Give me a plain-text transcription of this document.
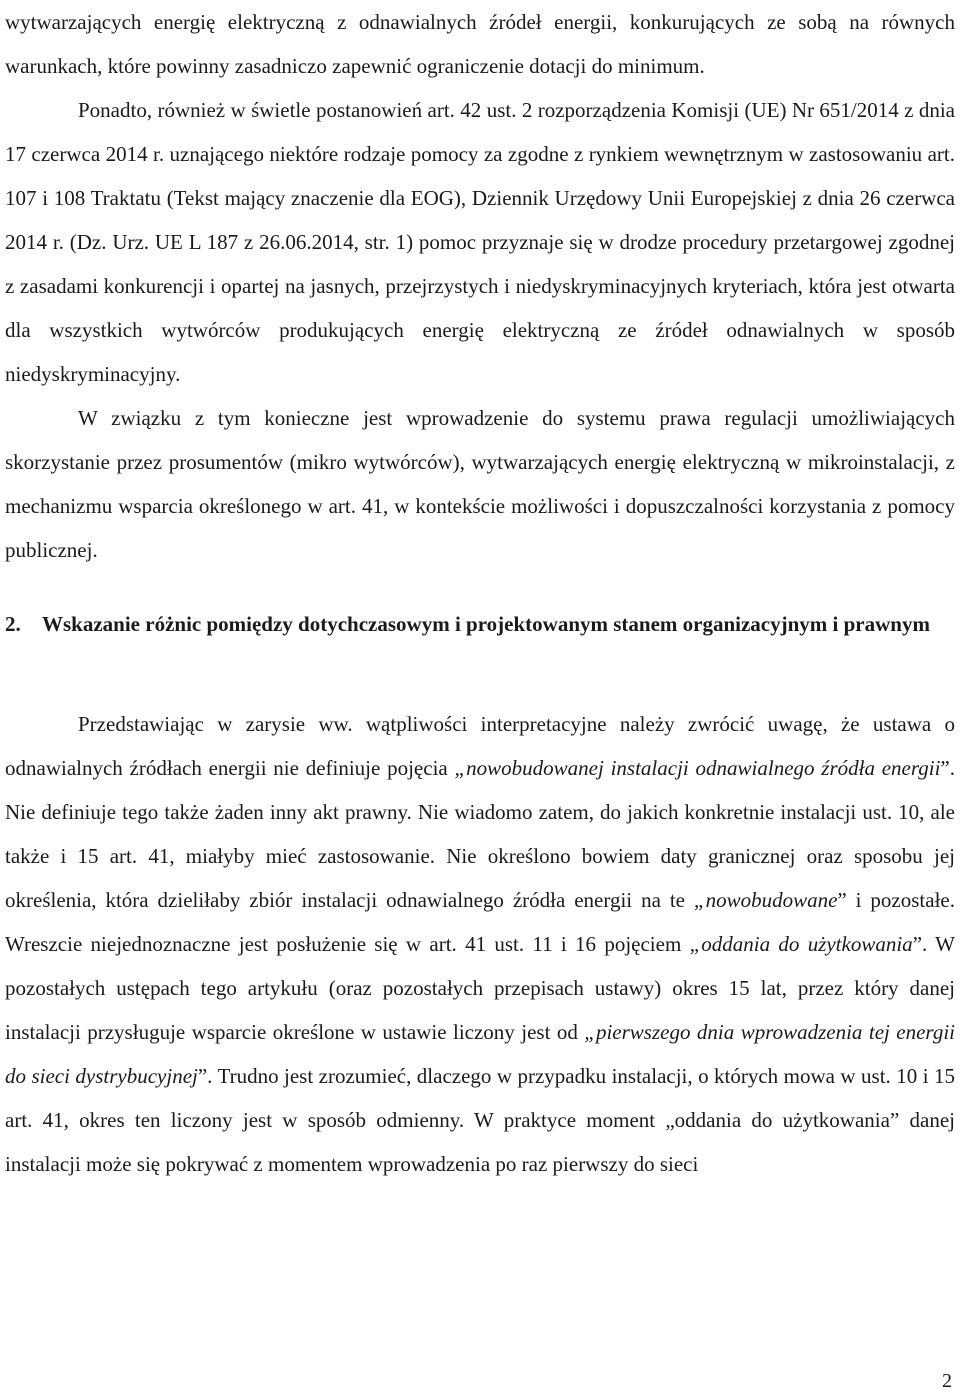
wytwarzających energię elektryczną z odnawialnych źródeł energii, konkurujących ze sobą na równych warunkach, które powinny zasadniczo zapewnić ograniczenie dotacji do minimum.

Ponadto, również w świetle postanowień art. 42 ust. 2 rozporządzenia Komisji (UE) Nr 651/2014 z dnia 17 czerwca 2014 r. uznającego niektóre rodzaje pomocy za zgodne z rynkiem wewnętrznym w zastosowaniu art. 107 i 108 Traktatu (Tekst mający znaczenie dla EOG), Dziennik Urzędowy Unii Europejskiej z dnia 26 czerwca 2014 r. (Dz. Urz. UE L 187 z 26.06.2014, str. 1) pomoc przyznaje się w drodze procedury przetargowej zgodnej z zasadami konkurencji i opartej na jasnych, przejrzystych i niedyskryminacyjnych kryteriach, która jest otwarta dla wszystkich wytwórców produkujących energię elektryczną ze źródeł odnawialnych w sposób niedyskryminacyjny.

W związku z tym konieczne jest wprowadzenie do systemu prawa regulacji umożliwiających skorzystanie przez prosumentów (mikro wytwórców), wytwarzających energię elektryczną w mikroinstalacji, z mechanizmu wsparcia określonego w art. 41, w kontekście możliwości i dopuszczalności korzystania z pomocy publicznej.

2.	Wskazanie różnic pomiędzy dotychczasowym i projektowanym stanem organizacyjnym i prawnym

Przedstawiając w zarysie ww. wątpliwości interpretacyjne należy zwrócić uwagę, że ustawa o odnawialnych źródłach energii nie definiuje pojęcia „nowobudowanej instalacji odnawialnego źródła energii”. Nie definiuje tego także żaden inny akt prawny. Nie wiadomo zatem, do jakich konkretnie instalacji ust. 10, ale także i 15 art. 41, miałyby mieć zastosowanie. Nie określono bowiem daty granicznej oraz sposobu jej określenia, która dzieliłaby zbiór instalacji odnawialnego źródła energii na te „nowobudowane” i pozostałe. Wreszcie niejednoznaczne jest posłużenie się w art. 41 ust. 11 i 16 pojęciem „oddania do użytkowania”. W pozostałych ustępach tego artykułu (oraz pozostałych przepisach ustawy) okres 15 lat, przez który danej instalacji przysługuje wsparcie określone w ustawie liczony jest od „pierwszego dnia wprowadzenia tej energii do sieci dystrybucyjnej”. Trudno jest zrozumieć, dlaczego w przypadku instalacji, o których mowa w ust. 10 i 15 art. 41, okres ten liczony jest w sposób odmienny. W praktyce moment „oddania do użytkowania” danej instalacji może się pokrywać z momentem wprowadzenia po raz pierwszy do sieci

2
